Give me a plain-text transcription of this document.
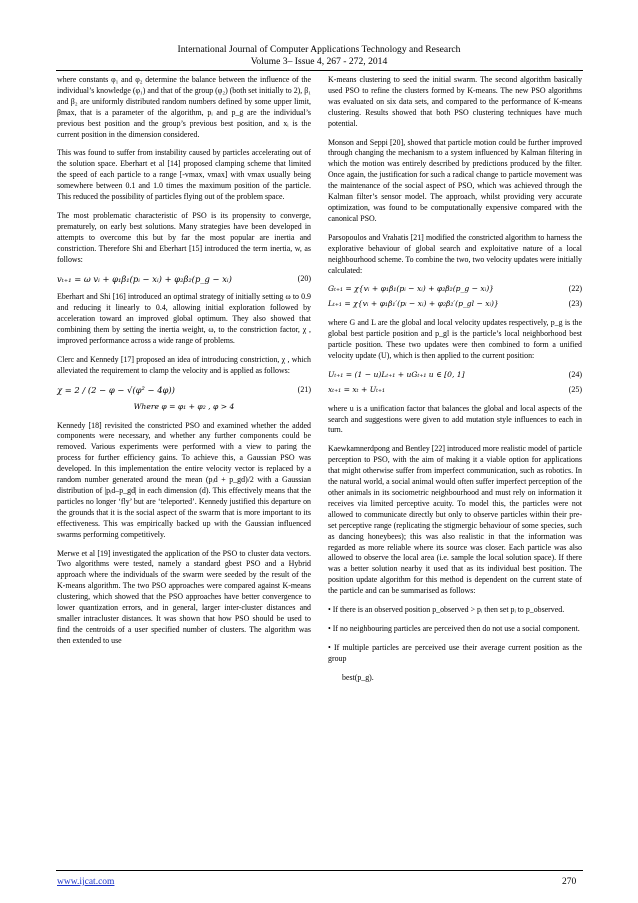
International Journal of Computer Applications Technology and Research
Volume 3– Issue 4, 267 - 272, 2014

where constants φ₁ and φ₂ determine the balance between the influence of the individual’s knowledge (φ₁) and that of the group (φ₂) (both set initially to 2), β₁ and β₂ are uniformly distributed random numbers defined by some upper limit, βmax, that is a parameter of the algorithm, pᵢ and p_g are the individual’s previous best position and the group’s previous best position, and xᵢ is the current position in the dimension considered.

This was found to suffer from instability caused by particles accelerating out of the solution space. Eberhart et al [14] proposed clamping scheme that limited the speed of each particle to a range [-vmax, vmax] with vmax usually being somewhere between 0.1 and 1.0 times the maximum position of the particle. This reduced the possibility of particles flying out of the problem space.

The most problematic characteristic of PSO is its propensity to converge, prematurely, on early best solutions. Many strategies have been developed in attempts to overcome this but by far the most popular are inertia and constriction. Therefore Shi and Eberhart [15] introduced the term inertia, w, as follows:

vₜ₊₁ = ω vᵢ + φ₁β₁(pᵢ − xᵢ) + φ₂β₂(p_g − xᵢ)	(20)

Eberhart and Shi [16] introduced an optimal strategy of initially setting ω to 0.9 and reducing it linearly to 0.4, allowing initial exploration followed by acceleration toward an improved global optimum. They also showed that combining them by setting the inertia weight, ω, to the constriction factor, χ , improved performance across a wide range of problems.

Clerc and Kennedy [17] proposed an idea of introducing constriction, χ , which alleviated the requirement to clamp the velocity and is applied as follows:

χ = 2 / (2 − φ − √(φ² − 4φ))	(21)
Where φ = φ₁ + φ₂ , φ > 4

Kennedy [18] revisited the constricted PSO and examined whether the added components were necessary, and whether any further components could be removed. Various experiments were performed with a view to paring the process for further efficiency gains. To achieve this, a Gaussian PSO was developed. In this implementation the entire velocity vector is replaced by a random number generated around the mean (pᵢd + p_gd)/2 with a Gaussian distribution of |pᵢd–p_gd| in each dimension (d). This effectively means that the particles no longer ‘fly’ but are ‘teleported’. Kennedy justified this departure on the grounds that it is the social aspect of the swarm that is more important to its effectiveness. This was empirically backed up with the Gaussian influenced swarms performing competitively.

Merwe et al [19] investigated the application of the PSO to cluster data vectors. Two algorithms were tested, namely a standard gbest PSO and a Hybrid approach where the individuals of the swarm were seeded by the result of the K-means algorithm. The two PSO approaches were compared against K-means clustering, which showed that the PSO approaches have better convergence to lower quantization errors, and in general, larger inter-cluster distances and smaller intracluster distances. It was shown that how PSO should be used to find the centroids of a user specified number of clusters. The algorithm was then extended to use

K-means clustering to seed the initial swarm. The second algorithm basically used PSO to refine the clusters formed by K-means. The new PSO algorithms was evaluated on six data sets, and compared to the performance of K-means clustering. Results showed that both PSO clustering techniques have much potential.

Monson and Seppi [20], showed that particle motion could be further improved through changing the mechanism to a system influenced by Kalman filtering in which the motion was entirely described by predictions produced by the filter. Once again, the justification for such a radical change to particle movement was the maintenance of the social aspect of PSO, which was achieved through the Kalman filter’s sensor model. The approach, whilst providing very accurate optimization, was found to be computationally expensive compared with the canonical PSO.

Parsopoulos and Vrahatis [21] modified the constricted algorithm to harness the explorative behaviour of global search and exploitative nature of a local neighbourhood scheme. To combine the two, two velocity updates were initially calculated:

Gₜ₊₁ = χ{vᵢ + φ₁β₁(pᵢ − xᵢ) + φ₂β₂(p_g − xᵢ)}	(22)
Lₜ₊₁ = χ{vᵢ + φ₁β₁′(pᵢ − xᵢ) + φ₂β₂′(p_gl − xᵢ)}	(23)

where G and L are the global and local velocity updates respectively, p_g is the global best particle position and p_gl is the particle’s local neighborhood best particle position. These two updates were then combined to form a unified velocity update (U), which is then applied to the current position:

Uₜ₊₁ = (1 − u)Lₜ₊₁ + uGₜ₊₁ u ∈ [0, 1]	(24)
xₜ₊₁ = xₜ + Uₜ₊₁	(25)

where u is a unification factor that balances the global and local aspects of the search and suggestions were given to add mutation style influences to each in turn.

Kaewkamnerdpong and Bentley [22] introduced more realistic model of particle perception to PSO, with the aim of making it a viable option for applications that might otherwise suffer from imperfect communication, such as robotics. In the natural world, a social animal would often suffer imperfect perception of the other animals in its sociometric neighbourhood and must rely on information it receives via limited perceptive acuity. To model this, the particles were not allowed to communicate directly but only to observe particles within their pre-set perceptive range (replicating the stigmergic behaviour of some species, such as dancing honeybees); this was also realistic in that the information was regarded as more reliable where its source was closer. Each particle was also allowed to observe the local area (i.e. sample the local solution space). If there was a better solution nearby it used that as its individual best position. The position update algorithm for this method is dependent on the current state of the particle and can be summarised as follows:

• If there is an observed position p_observed > pᵢ then set pᵢ to p_observed.

• If no neighbouring particles are perceived then do not use a social component.

• If multiple particles are perceived use their average current position as the group

best(p_g).

www.ijcat.com	270
